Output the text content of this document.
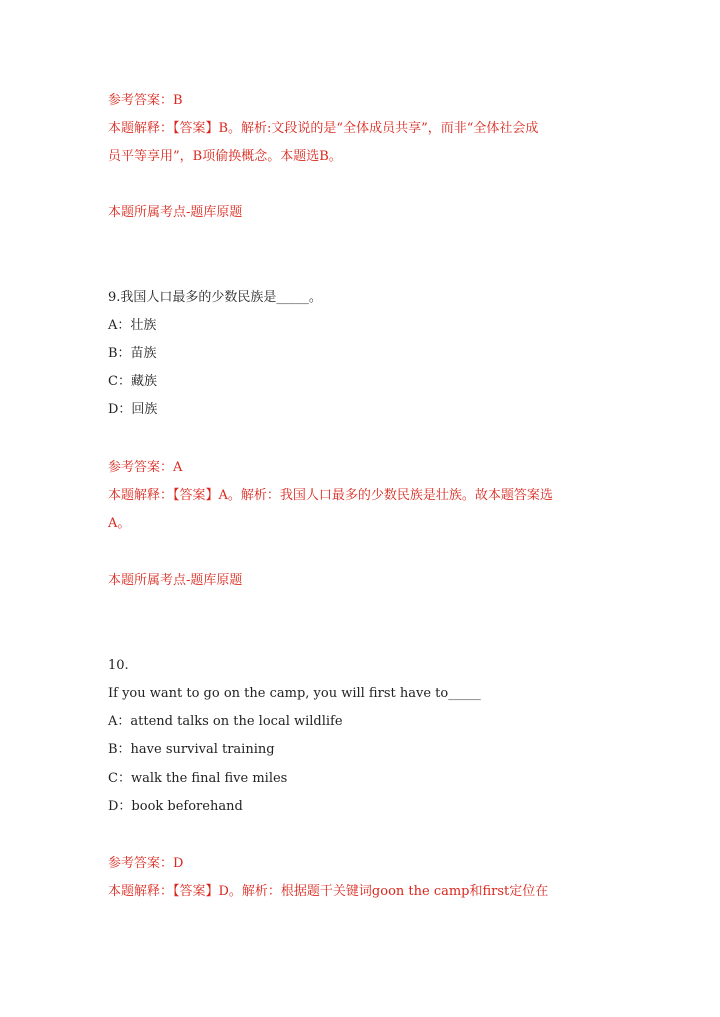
参考答案：B
本题解释：【答案】B。解析:文段说的是“全体成员共享”，而非“全体社会成
员平等享用”，B项偷换概念。本题选B。
本题所属考点-题库原题
9.我国人口最多的少数民族是_____。
A：壮族
B：苗族
C：藏族
D：回族
参考答案：A
本题解释：【答案】A。解析：我国人口最多的少数民族是壮族。故本题答案选
A。
本题所属考点-题库原题
10.
If you want to go on the camp, you will first have to_____
A：attend talks on the local wildlife
B：have survival training
C：walk the final five miles
D：book beforehand
参考答案：D
本题解释：【答案】D。解析：根据题干关键词goon the camp和first定位在
